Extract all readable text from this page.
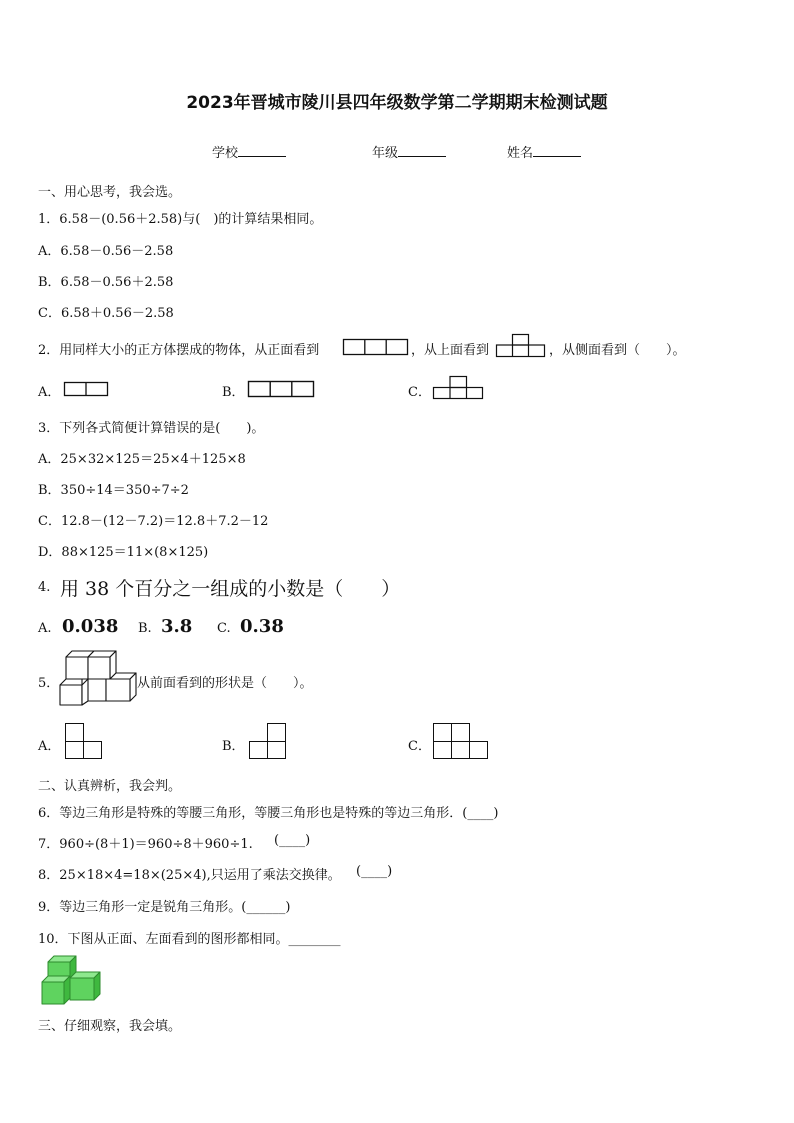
2023年晋城市陵川县四年级数学第二学期期末检测试题
学校	年级	姓名
一、用心思考，我会选。
1．6.58－(0.56＋2.58)与(　)的计算结果相同。
A．6.58－0.56－2.58
B．6.58－0.56＋2.58
C．6.58＋0.56－2.58
2．用同样大小的正方体摆成的物体，从正面看到	，从上面看到	，从侧面看到（　　）。
A．	B．	C．
3．下列各式简便计算错误的是(　　)。
A．25×32×125＝25×4＋125×8
B．350÷14＝350÷7÷2
C．12.8－(12－7.2)＝12.8＋7.2－12
D．88×125＝11×(8×125)
4. 用 38 个百分之一组成的小数是（　　）
A. 0.038 B. 3.8 C. 0.38
5．	从前面看到的形状是（　　）。
A．	B．	C．
二、认真辨析，我会判。
6．等边三角形是特殊的等腰三角形，等腰三角形也是特殊的等边三角形．(____)
7．960÷(8＋1)＝960÷8＋960÷1. (____)
8．25×18×4=18×(25×4),只运用了乘法交换律。 (____)
9．等边三角形一定是锐角三角形。(______)
10．下图从正面、左面看到的图形都相同。________
三、仔细观察，我会填。
